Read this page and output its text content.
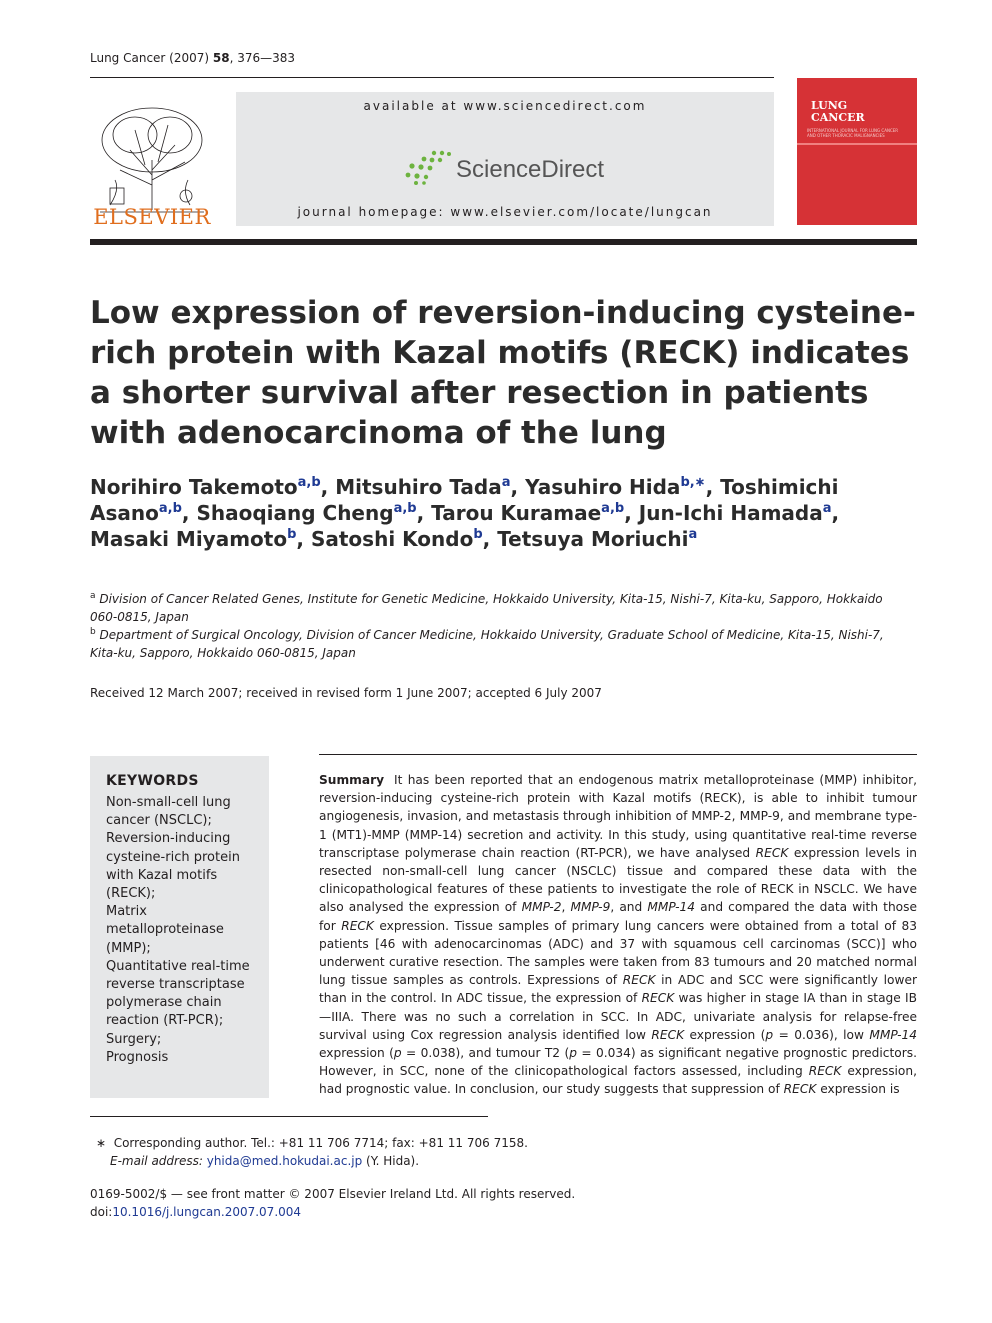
Lung Cancer (2007) 58, 376—383
ELSEVIER
available at www.sciencedirect.com
ScienceDirect
journal homepage: www.elsevier.com/locate/lungcan
LUNG
CANCER
INTERNATIONAL JOURNAL FOR LUNG CANCER AND OTHER THORACIC MALIGNANCIES
Low expression of reversion-inducing cysteine-rich protein with Kazal motifs (RECK) indicates a shorter survival after resection in patients with adenocarcinoma of the lung
Norihiro Takemoto$^{a,b}$, Mitsuhiro Tada$^a$, Yasuhiro Hida$^{b,∗}$, Toshimichi Asano$^{a,b}$, Shaoqiang Cheng$^{a,b}$, Tarou Kuramae$^{a,b}$, Jun-Ichi Hamada$^a$, Masaki Miyamoto$^b$, Satoshi Kondo$^b$, Tetsuya Moriuchi$^a$
$^a$ Division of Cancer Related Genes, Institute for Genetic Medicine, Hokkaido University, Kita-15, Nishi-7, Kita-ku, Sapporo, Hokkaido 060-0815, Japan
$^b$ Department of Surgical Oncology, Division of Cancer Medicine, Hokkaido University, Graduate School of Medicine, Kita-15, Nishi-7, Kita-ku, Sapporo, Hokkaido 060-0815, Japan
Received 12 March 2007; received in revised form 1 June 2007; accepted 6 July 2007
KEYWORDS
Non-small-cell lung cancer (NSCLC);
Reversion-inducing cysteine-rich protein with Kazal motifs (RECK);
Matrix metalloproteinase (MMP);
Quantitative real-time reverse transcriptase polymerase chain reaction (RT-PCR);
Surgery;
Prognosis
Summary It has been reported that an endogenous matrix metalloproteinase (MMP) inhibitor, reversion-inducing cysteine-rich protein with Kazal motifs (RECK), is able to inhibit tumour angiogenesis, invasion, and metastasis through inhibition of MMP-2, MMP-9, and membrane type-1 (MT1)-MMP (MMP-14) secretion and activity. In this study, using quantitative real-time reverse transcriptase polymerase chain reaction (RT-PCR), we have analysed RECK expression levels in resected non-small-cell lung cancer (NSCLC) tissue and compared these data with the clinicopathological features of these patients to investigate the role of RECK in NSCLC. We have also analysed the expression of MMP-2, MMP-9, and MMP-14 and compared the data with those for RECK expression. Tissue samples of primary lung cancers were obtained from a total of 83 patients [46 with adenocarcinomas (ADC) and 37 with squamous cell carcinomas (SCC)] who underwent curative resection. The samples were taken from 83 tumours and 20 matched normal lung tissue samples as controls. Expressions of RECK in ADC and SCC were significantly lower than in the control. In ADC tissue, the expression of RECK was higher in stage IA than in stage IB—IIIA. There was no such a correlation in SCC. In ADC, univariate analysis for relapse-free survival using Cox regression analysis identified low RECK expression (p = 0.036), low MMP-14 expression (p = 0.038), and tumour T2 (p = 0.034) as significant negative prognostic predictors. However, in SCC, none of the clinicopathological factors assessed, including RECK expression, had prognostic value. In conclusion, our study suggests that suppression of RECK expression is
∗ Corresponding author. Tel.: +81 11 706 7714; fax: +81 11 706 7158.
E-mail address: yhida@med.hokudai.ac.jp (Y. Hida).
0169-5002/$ — see front matter © 2007 Elsevier Ireland Ltd. All rights reserved.
doi:10.1016/j.lungcan.2007.07.004
